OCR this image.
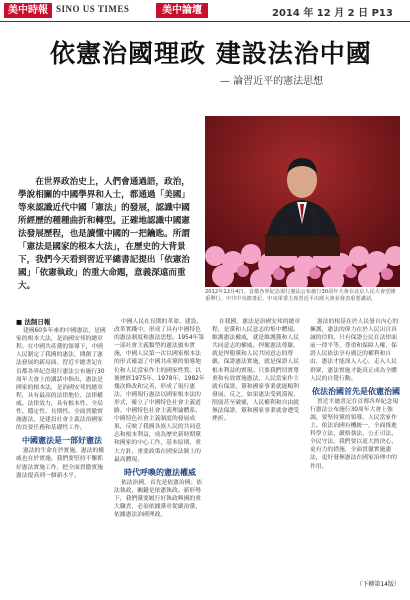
美中時報 SINO US TIMES	美中論壇	2014 年 12 月 2 日 P13
依憲治國理政 建設法治中國
— 論習近平的憲法思想

在世界政治史上，人們會通過語，政治，學說相關的中國學界和人士，都通過「美國」等來認識近代中國「憲法」的發展，認識中國所經歷的種種曲折和轉型。正確地認識中國憲法發展歷程，也是讀懂中國的一把鑰匙。所謂「憲法是國家的根本大法」，在歷史的大背景下，我們今天看到習近平總書記提出「依憲治國」「依憲執政」的重大命題，意義深遠而重大。

2012年12月4日，首都各界紀念現行憲法公布施行30周年大會在北京人民大會堂隆重舉行。中共中央總書記、中央軍委主席習近平出席大會並發表重要講話。

■ 法制日報

建國60多年來的中國憲法，是國家的根本大法，是治國安邦的總章程。在中國共產黨的領導下，中國人民制定了我國的憲法，開創了憲法發展的新局面。習近平總書記在首都各界紀念現行憲法公布施行30周年大會上的講話中指出，憲法是國家的根本法，是治國安邦的總章程，具有最高的法律地位、法律權威、法律效力，具有根本性、全局性、穩定性、長期性。全面貫徹實施憲法，是建設社會主義法治國家的首要任務和基礎性工作。

中國憲法是一部好憲法

憲法的生命在於實施，憲法的權威也在於實施。我們要堅持不懈抓好憲法實施工作，把全面貫徹實施憲法提高到一個新水平。

中國人民在長期的革命、建設、改革實踐中，形成了具有中國特色的憲法制度和憲法思想。1954年第一部社會主義類型的憲法頒布實施，中國人民第一次以國家根本法的形式確認了中國共產黨的領導地位和人民當家作主的國家性質。以後歷經1975年、1978年、1982年幾次修改和完善，形成了現行憲法。中國現行憲法以國家根本法的形式，確立了中國特色社會主義道路、中國特色社會主義理論體系、中國特色社會主義制度的發展成果，反映了我國各族人民的共同意志和根本利益，成為歷史新時期黨和國家的中心工作、基本原則、重大方針、重要政策在國家法制上的最高體現。

時代呼喚的憲法權威

依法治國，首先是依憲治國；依法執政，關鍵是依憲執政。新形勢下，我們黨要履行好執政興國的重大職責，必須依據黨章從嚴治黨、依據憲法治國理政。

在我國，憲法是治國安邦的總章程，是黨和人民意志的集中體現。維護憲法權威，就是維護黨和人民共同意志的權威。捍衛憲法尊嚴，就是捍衛黨和人民共同意志的尊嚴。保證憲法實施，就是保證人民根本利益的實現。只要我們切實尊重和有效實施憲法，人民當家作主就有保證，黨和國家事業就能順利發展。反之，如果憲法受到漠視、削弱甚至破壞，人民權利和自由就無法保證，黨和國家事業就會遭受挫折。

憲法的根基在於人民發自內心的擁護，憲法的偉力在於人民出自真誠的信仰。只有保證公民在法律面前一律平等，尊重和保障人權，保證人民依法享有廣泛的權利和自由，憲法才能深入人心，走入人民群眾，憲法實施才能真正成為全體人民的自覺行動。

依法治國首先是依憲治國

習近平總書記在首都各界紀念現行憲法公布施行30周年大會上強調，要堅持黨的領導、人民當家作主、依法治國有機統一，全面推進科學立法、嚴格執法、公正司法、全民守法。我們要以更大的決心、更有力的措施，全面貫徹實施憲法，更好發揮憲法在國家治理中的作用。

（下轉第14版）
